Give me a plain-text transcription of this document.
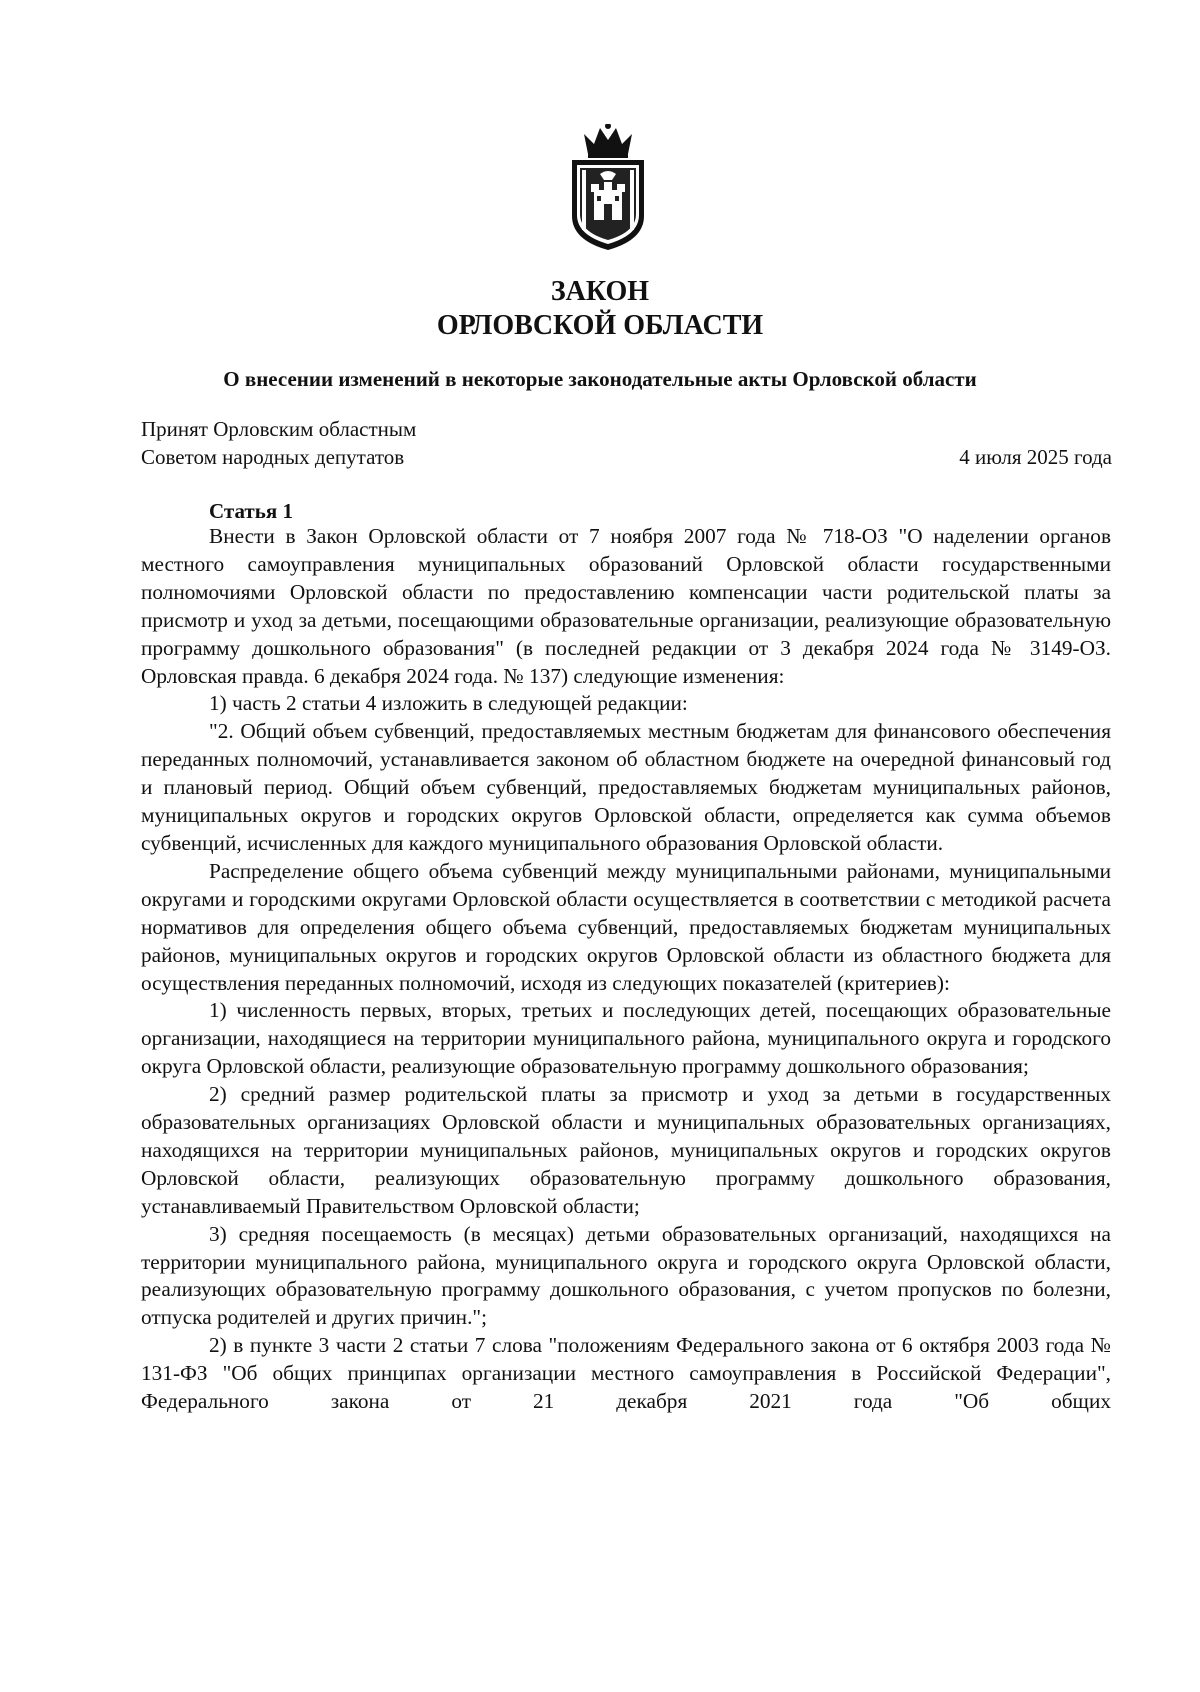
ЗАКОН
ОРЛОВСКОЙ ОБЛАСТИ
О внесении изменений в некоторые законодательные акты Орловской области
Принят Орловским областным
Советом народных депутатов	4 июля 2025 года
Статья 1

Внести в Закон Орловской области от 7 ноября 2007 года № 718-ОЗ "О наделении органов местного самоуправления муниципальных образований Орловской области государственными полномочиями Орловской области по предоставлению компенсации части родительской платы за присмотр и уход за детьми, посещающими образовательные организации, реализующие образовательную программу дошкольного образования" (в последней редакции от 3 декабря 2024 года № 3149-ОЗ. Орловская правда. 6 декабря 2024 года. № 137) следующие изменения:

1) часть 2 статьи 4 изложить в следующей редакции:

"2. Общий объем субвенций, предоставляемых местным бюджетам для финансового обеспечения переданных полномочий, устанавливается законом об областном бюджете на очередной финансовый год и плановый период. Общий объем субвенций, предоставляемых бюджетам муниципальных районов, муниципальных округов и городских округов Орловской области, определяется как сумма объемов субвенций, исчисленных для каждого муниципального образования Орловской области.

Распределение общего объема субвенций между муниципальными районами, муниципальными округами и городскими округами Орловской области осуществляется в соответствии с методикой расчета нормативов для определения общего объема субвенций, предоставляемых бюджетам муниципальных районов, муниципальных округов и городских округов Орловской области из областного бюджета для осуществления переданных полномочий, исходя из следующих показателей (критериев):

1) численность первых, вторых, третьих и последующих детей, посещающих образовательные организации, находящиеся на территории муниципального района, муниципального округа и городского округа Орловской области, реализующие образовательную программу дошкольного образования;

2) средний размер родительской платы за присмотр и уход за детьми в государственных образовательных организациях Орловской области и муниципальных образовательных организациях, находящихся на территории муниципальных районов, муниципальных округов и городских округов Орловской области, реализующих образовательную программу дошкольного образования, устанавливаемый Правительством Орловской области;

3) средняя посещаемость (в месяцах) детьми образовательных организаций, находящихся на территории муниципального района, муниципального округа и городского округа Орловской области, реализующих образовательную программу дошкольного образования, с учетом пропусков по болезни, отпуска родителей и других причин.";

2) в пункте 3 части 2 статьи 7 слова "положениям Федерального закона от 6 октября 2003 года № 131-ФЗ "Об общих принципах организации местного самоуправления в Российской Федерации", Федерального закона от 21 декабря 2021 года "Об общих
